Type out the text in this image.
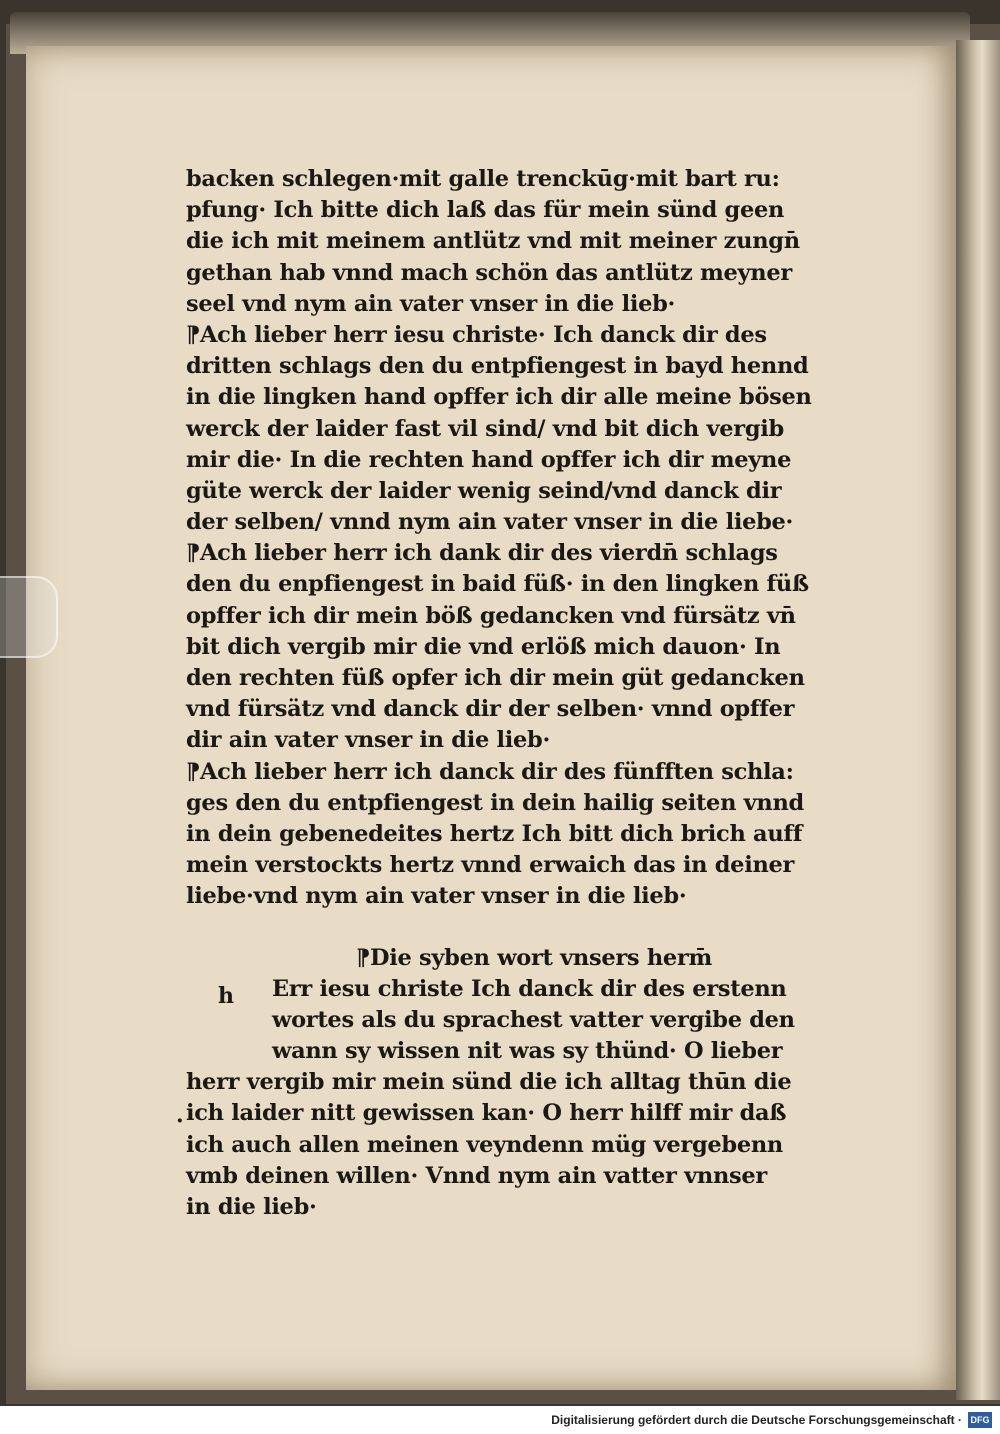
backen schlegen·mit galle trenckūg·mit bart ru:
pfung· Ich bitte dich laß das für mein sünd geen
die ich mit meinem antlütz vnd mit meiner zungn̄
gethan hab vnnd mach schön das antlütz meyner
seel vnd nym ain vater vnser in die lieb·
⁋Ach lieber herr iesu christe· Ich danck dir des
dritten schlags den du entpfiengest in bayd hennd
in die lingken hand opffer ich dir alle meine bösen
werck der laider fast vil sind/ vnd bit dich vergib
mir die· In die rechten hand opffer ich dir meyne
güte werck der laider wenig seind/vnd danck dir
der selben/ vnnd nym ain vater vnser in die liebe·
⁋Ach lieber herr ich dank dir des vierdn̄ schlags
den du enpfiengest in baid füß· in den lingken füß
opffer ich dir mein böß gedancken vnd fürsätz vn̄
bit dich vergib mir die vnd erlöß mich dauon· In
den rechten füß opfer ich dir mein güt gedancken
vnd fürsätz vnd danck dir der selben· vnnd opffer
dir ain vater vnser in die lieb·
⁋Ach lieber herr ich danck dir des fünfften schla:
ges den du entpfiengest in dein hailig seiten vnnd
in dein gebenedeites hertz Ich bitt dich brich auff
mein verstockts hertz vnnd erwaich das in deiner
liebe·vnd nym ain vater vnser in die lieb·
⁋Die syben wort vnsers herm̄
Err iesu christe Ich danck dir des erstenn
wortes als du sprachest vatter vergibe den
wann sy wissen nit was sy thünd· O lieber
herr vergib mir mein sünd die ich alltag thūn die
ich laider nitt gewissen kan· O herr hilff mir daß
ich auch allen meinen veyndenn müg vergebenn
vmb deinen willen· Vnnd nym ain vatter vnnser
in die lieb·
h
·
Digitalisierung gefördert durch die Deutsche Forschungsgemeinschaft · DFG
